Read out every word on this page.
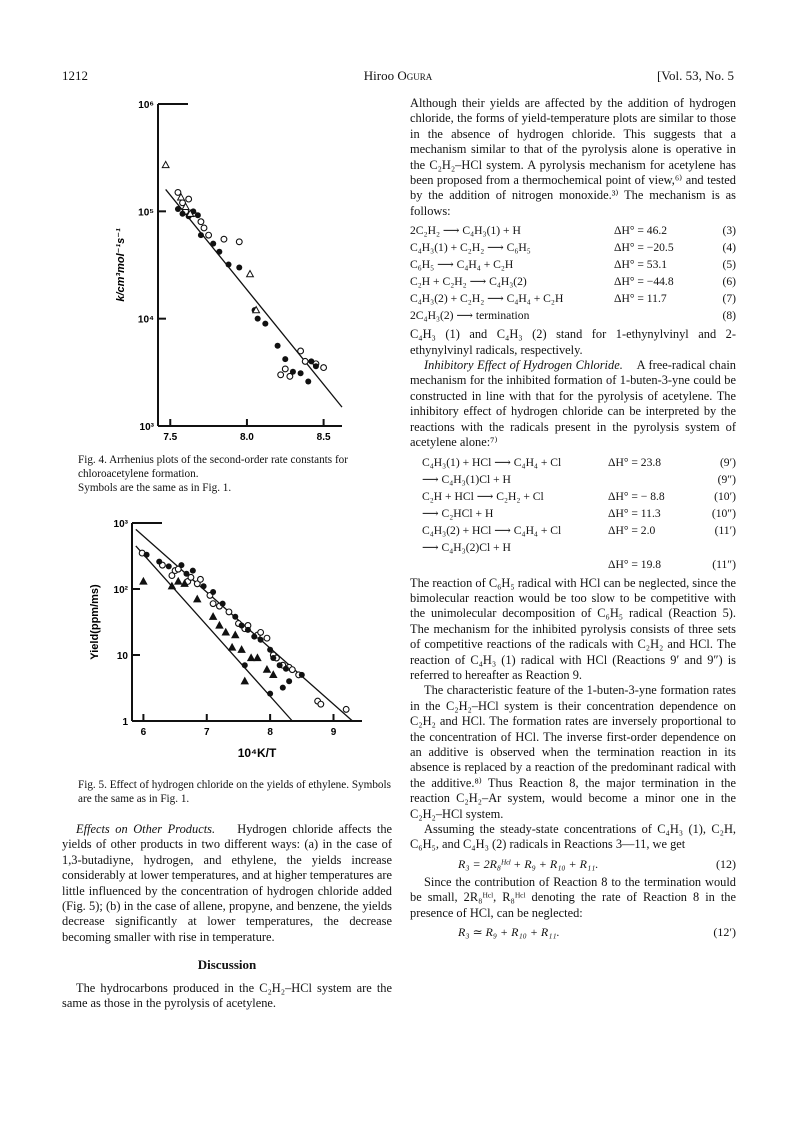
1212	Hiroo Ogura	[Vol. 53, No. 5
10³
10⁴
10⁵
10⁶
7.5	8.0	8.5
k/cm³mol⁻¹s⁻¹
Fig. 4. Arrhenius plots of the second-order rate constants for chloroacetylene formation.
Symbols are the same as in Fig. 1.
1
10
10²
10³
6	7	8	9
10⁴K/T
Yield(ppm/ms)
Fig. 5. Effect of hydrogen chloride on the yields of ethylene. Symbols are the same as in Fig. 1.

Effects on Other Products. Hydrogen chloride affects the yields of other products in two different ways: (a) in the case of 1,3-butadiyne, hydrogen, and ethylene, the yields increase considerably at lower temperatures, and at higher temperatures are little influenced by the concentration of hydrogen chloride added (Fig. 5); (b) in the case of allene, propyne, and benzene, the yields decrease significantly at lower temperatures, the decrease becoming smaller with rise in temperature.

Discussion

The hydrocarbons produced in the C₂H₂–HCl system are the same as those in the pyrolysis of acetylene.

Although their yields are affected by the addition of hydrogen chloride, the forms of yield-temperature plots are similar to those in the absence of hydrogen chloride. This suggests that a mechanism similar to that of the pyrolysis alone is operative in the C₂H₂–HCl system. A pyrolysis mechanism for acetylene has been proposed from a thermochemical point of view,⁶⁾ and tested by the addition of nitrogen monoxide.³⁾ The mechanism is as follows:

2C₂H₂ ⟶ C₄H₃(1) + H	ΔH° = 46.2	(3)
C₄H₃(1) + C₂H₂ ⟶ C₆H₅	ΔH° = −20.5	(4)
C₆H₅ ⟶ C₄H₄ + C₂H	ΔH° = 53.1	(5)
C₂H + C₂H₂ ⟶ C₄H₃(2)	ΔH° = −44.8	(6)
C₄H₃(2) + C₂H₂ ⟶ C₄H₄ + C₂H	ΔH° = 11.7	(7)
2C₄H₃(2) ⟶ termination	(8)

C₄H₃ (1) and C₄H₃ (2) stand for 1-ethynylvinyl and 2-ethynylvinyl radicals, respectively.

Inhibitory Effect of Hydrogen Chloride. A free-radical chain mechanism for the inhibited formation of 1-buten-3-yne could be constructed in line with that for the pyrolysis of acetylene. The inhibitory effect of hydrogen chloride can be interpreted by the reactions with the radicals present in the pyrolysis system of acetylene alone:⁷⁾

C₄H₃(1) + HCl ⟶ C₄H₄ + Cl	ΔH° = 23.8	(9′)
⟶ C₄H₃(1)Cl + H	(9″)
C₂H + HCl ⟶ C₂H₂ + Cl	ΔH° = − 8.8	(10′)
⟶ C₂HCl + H	ΔH° = 11.3	(10″)
C₄H₃(2) + HCl ⟶ C₄H₄ + Cl	ΔH° = 2.0	(11′)
⟶ C₄H₃(2)Cl + H
ΔH° = 19.8	(11″)

The reaction of C₆H₅ radical with HCl can be neglected, since the bimolecular reaction would be too slow to be competitive with the unimolecular decomposition of C₆H₅ radical (Reaction 5). The mechanism for the inhibited pyrolysis consists of three sets of competitive reactions of the radicals with C₂H₂ and HCl. The reaction of C₄H₃ (1) radical with HCl (Reactions 9′ and 9″) is referred to hereafter as Reaction 9.

The characteristic feature of the 1-buten-3-yne formation rates in the C₂H₂–HCl system is their concentration dependence on C₂H₂ and HCl. The formation rates are inversely proportional to the concentration of HCl. The inverse first-order dependence on an additive is observed when the termination reaction in its absence is replaced by a reaction of the predominant radical with the additive.⁸⁾ Thus Reaction 8, the major termination in the reaction C₂H₂–Ar system, would become a minor one in the C₂H₂–HCl system.

Assuming the steady-state concentrations of C₄H₃ (1), C₂H, C₆H₅, and C₄H₃ (2) radicals in Reactions 3—11, we get

R₃ = 2R₈ᴴᶜˡ + R₉ + R₁₀ + R₁₁.	(12)

Since the contribution of Reaction 8 to the termination would be small, 2R₈ᴴᶜˡ, R₈ᴴᶜˡ denoting the rate of Reaction 8 in the presence of HCl, can be neglected:

R₃ ≃ R₉ + R₁₀ + R₁₁.	(12′)
